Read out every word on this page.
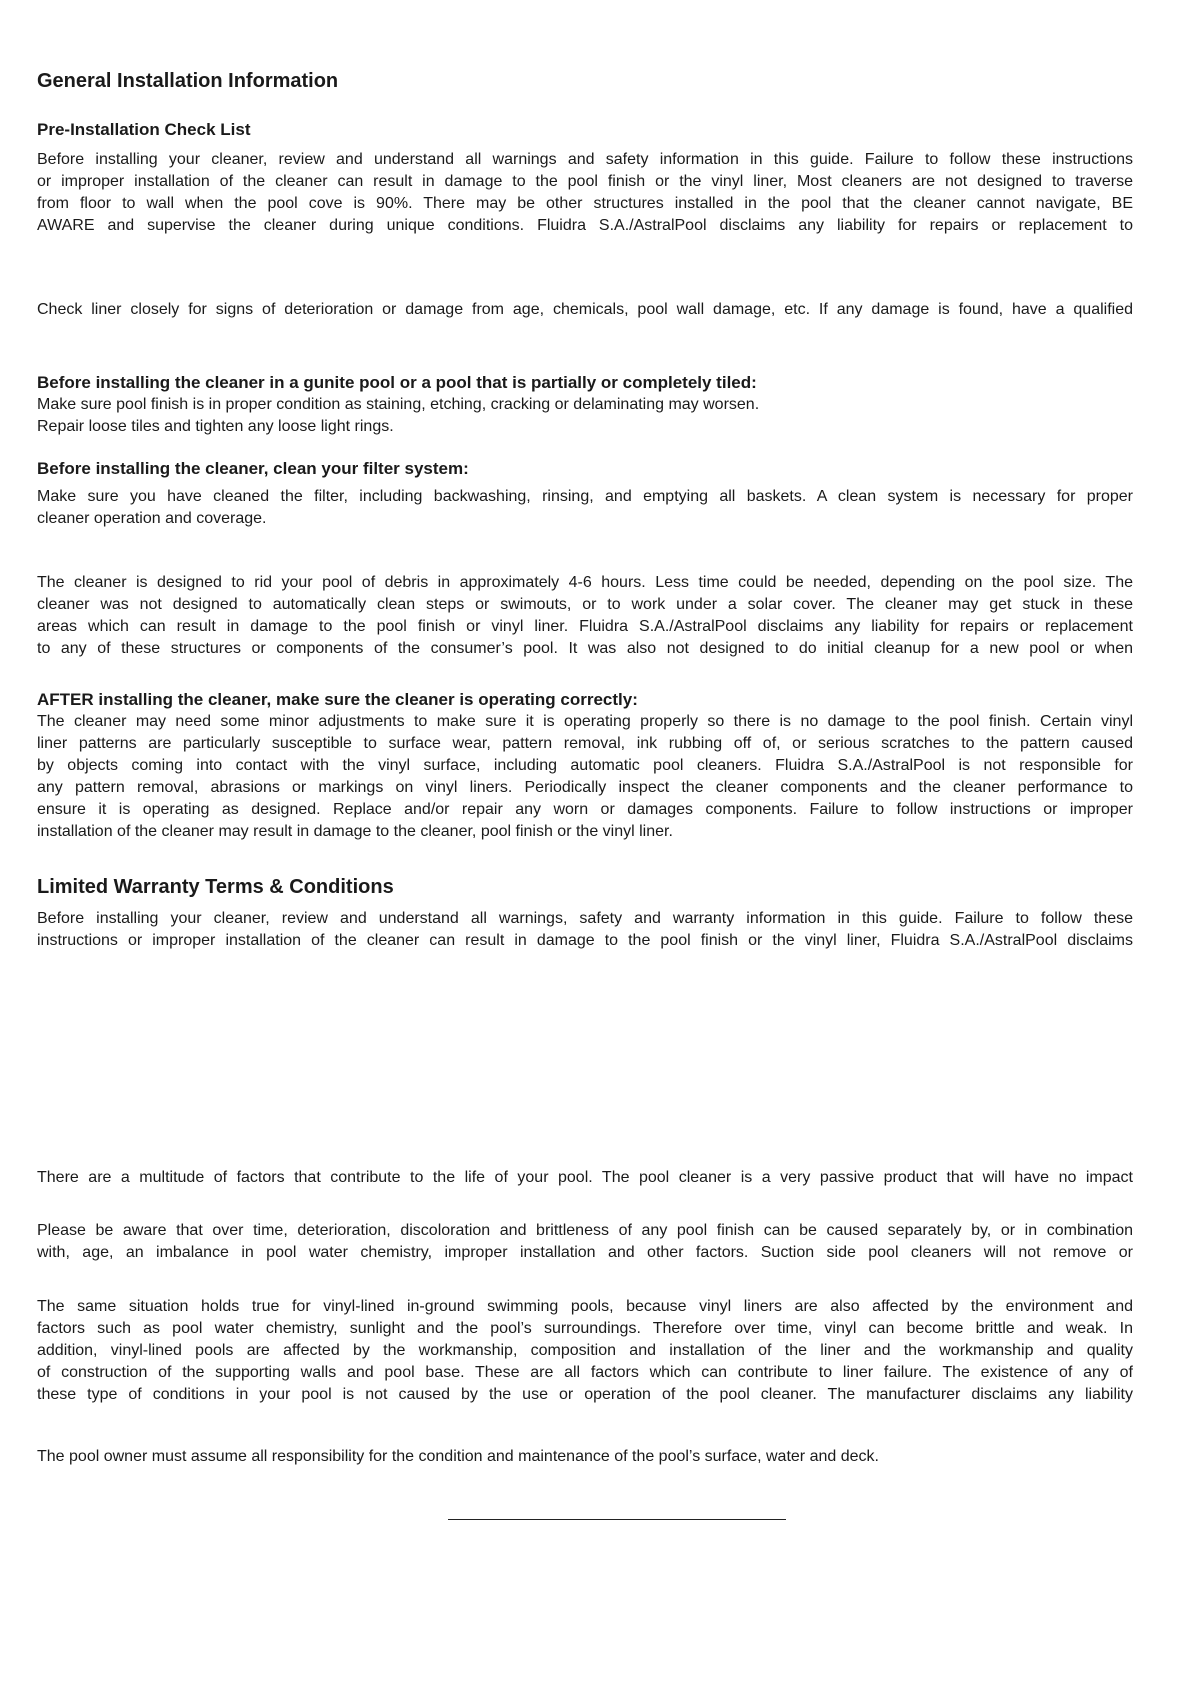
General Installation Information
Pre-Installation Check List
Before installing your cleaner, review and understand all warnings and safety information in this guide. Failure to follow these instructions
or improper installation of the cleaner can result in damage to the pool finish or the vinyl liner, Most cleaners are not designed to traverse
from floor to wall when the pool cove is 90%. There may be other structures installed in the pool that the cleaner cannot navigate, BE
AWARE and supervise the cleaner during unique conditions. Fluidra S.A./AstralPool disclaims any liability for repairs or replacement to
Check liner closely for signs of deterioration or damage from age, chemicals, pool wall damage, etc. If any damage is found, have a qualified
Before installing the cleaner in a gunite pool or a pool that is partially or completely tiled:
Make sure pool finish is in proper condition as staining, etching, cracking or delaminating may worsen.
Repair loose tiles and tighten any loose light rings.
Before installing the cleaner, clean your filter system:
Make sure you have cleaned the filter, including backwashing, rinsing, and emptying all baskets. A clean system is necessary for proper
cleaner operation and coverage.
The cleaner is designed to rid your pool of debris in approximately 4-6 hours. Less time could be needed, depending on the pool size. The
cleaner was not designed to automatically clean steps or swimouts, or to work under a solar cover. The cleaner may get stuck in these
areas which can result in damage to the pool finish or vinyl liner. Fluidra S.A./AstralPool disclaims any liability for repairs or replacement
to any of these structures or components of the consumer’s pool. It was also not designed to do initial cleanup for a new pool or when
AFTER installing the cleaner, make sure the cleaner is operating correctly:
The cleaner may need some minor adjustments to make sure it is operating properly so there is no damage to the pool finish. Certain vinyl
liner patterns are particularly susceptible to surface wear, pattern removal, ink rubbing off of, or serious scratches to the pattern caused
by objects coming into contact with the vinyl surface, including automatic pool cleaners. Fluidra S.A./AstralPool is not responsible for
any pattern removal, abrasions or markings on vinyl liners. Periodically inspect the cleaner components and the cleaner performance to
ensure it is operating as designed. Replace and/or repair any worn or damages components. Failure to follow instructions or improper
installation of the cleaner may result in damage to the cleaner, pool finish or the vinyl liner.
Limited Warranty Terms & Conditions
Before installing your cleaner, review and understand all warnings, safety and warranty information in this guide. Failure to follow these
instructions or improper installation of the cleaner can result in damage to the pool finish or the vinyl liner, Fluidra S.A./AstralPool disclaims
There are a multitude of factors that contribute to the life of your pool. The pool cleaner is a very passive product that will have no impact
Please be aware that over time, deterioration, discoloration and brittleness of any pool finish can be caused separately by, or in combination
with, age, an imbalance in pool water chemistry, improper installation and other factors. Suction side pool cleaners will not remove or
The same situation holds true for vinyl-lined in-ground swimming pools, because vinyl liners are also affected by the environment and
factors such as pool water chemistry, sunlight and the pool’s surroundings. Therefore over time, vinyl can become brittle and weak. In
addition, vinyl-lined pools are affected by the workmanship, composition and installation of the liner and the workmanship and quality
of construction of the supporting walls and pool base. These are all factors which can contribute to liner failure. The existence of any of
these type of conditions in your pool is not caused by the use or operation of the pool cleaner. The manufacturer disclaims any liability
The pool owner must assume all responsibility for the condition and maintenance of the pool’s surface, water and deck.
